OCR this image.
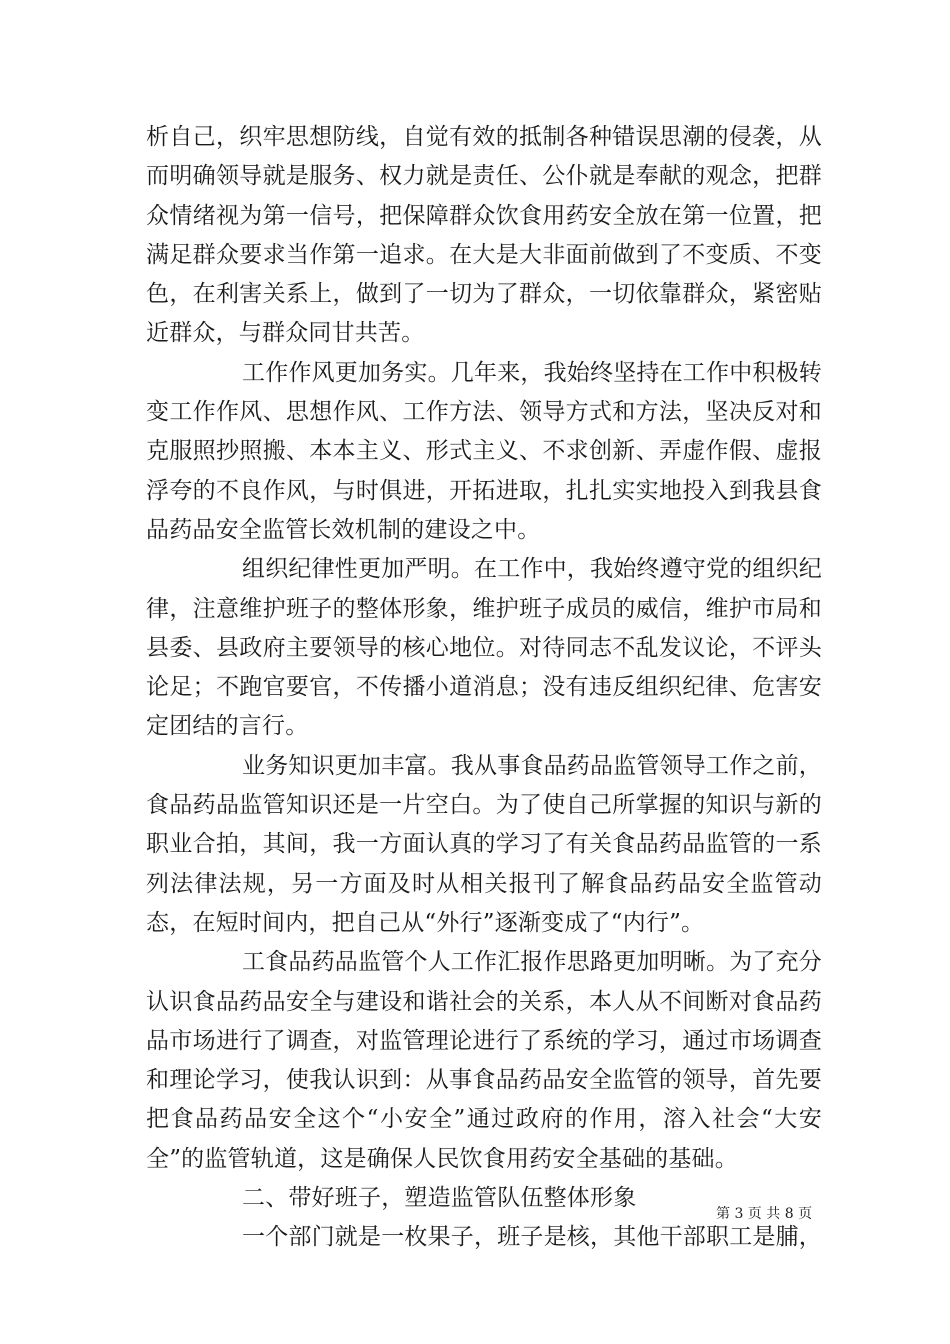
析自己，织牢思想防线，自觉有效的抵制各种错误思潮的侵袭，从而明确领导就是服务、权力就是责任、公仆就是奉献的观念，把群众情绪视为第一信号，把保障群众饮食用药安全放在第一位置，把满足群众要求当作第一追求。在大是大非面前做到了不变质、不变色，在利害关系上，做到了一切为了群众，一切依靠群众，紧密贴近群众，与群众同甘共苦。

工作作风更加务实。几年来，我始终坚持在工作中积极转变工作作风、思想作风、工作方法、领导方式和方法，坚决反对和克服照抄照搬、本本主义、形式主义、不求创新、弄虚作假、虚报浮夸的不良作风，与时俱进，开拓进取，扎扎实实地投入到我县食品药品安全监管长效机制的建设之中。

组织纪律性更加严明。在工作中，我始终遵守党的组织纪律，注意维护班子的整体形象，维护班子成员的威信，维护市局和县委、县政府主要领导的核心地位。对待同志不乱发议论，不评头论足；不跑官要官，不传播小道消息；没有违反组织纪律、危害安定团结的言行。

业务知识更加丰富。我从事食品药品监管领导工作之前，食品药品监管知识还是一片空白。为了使自己所掌握的知识与新的职业合拍，其间，我一方面认真的学习了有关食品药品监管的一系列法律法规，另一方面及时从相关报刊了解食品药品安全监管动态，在短时间内，把自己从“外行”逐渐变成了“内行”。

工食品药品监管个人工作汇报作思路更加明晰。为了充分认识食品药品安全与建设和谐社会的关系，本人从不间断对食品药品市场进行了调查，对监管理论进行了系统的学习，通过市场调查和理论学习，使我认识到：从事食品药品安全监管的领导，首先要把食品药品安全这个“小安全”通过政府的作用，溶入社会“大安全”的监管轨道，这是确保人民饮食用药安全基础的基础。

二、带好班子，塑造监管队伍整体形象

一个部门就是一枚果子，班子是核，其他干部职工是脯，

第 3 页 共 8 页
